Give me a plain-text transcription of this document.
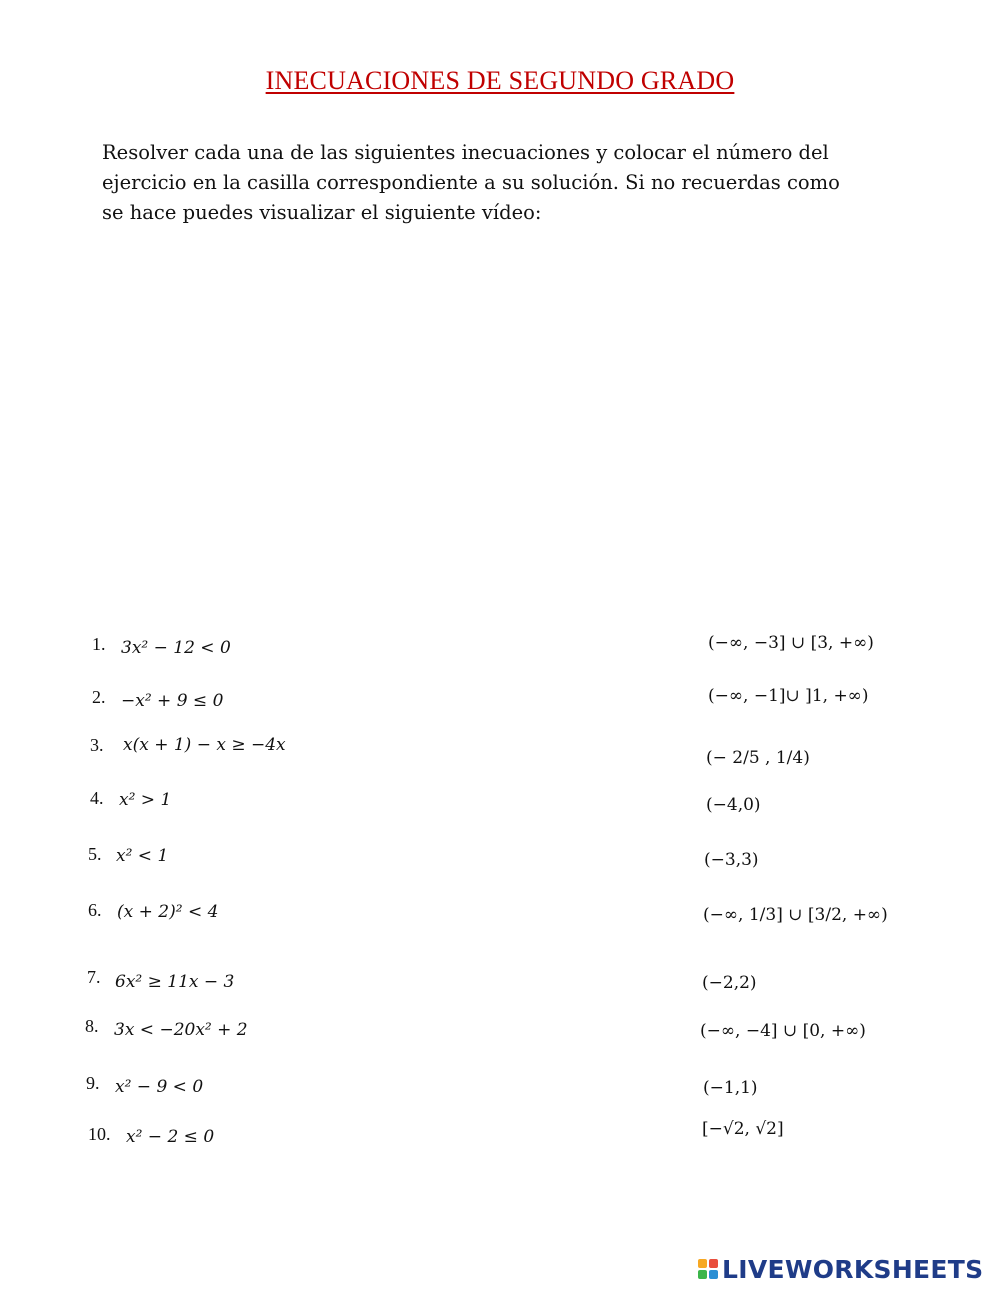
INECUACIONES DE SEGUNDO GRADO
Resolver cada una de las siguientes inecuaciones y colocar el número del
ejercicio en la casilla correspondiente a su solución. Si no recuerdas como
se hace puedes visualizar el siguiente vídeo:
1. 3x² − 12 < 0
2. −x² + 9 ≤ 0
3. x(x + 1) − x ≥ −4x
4. x² > 1
5. x² < 1
6. (x + 2)² < 4
7. 6x² ≥ 11x − 3
8. 3x < −20x² + 2
9. x² − 9 < 0
10. x² − 2 ≤ 0
(−∞, −3] ∪ [3, +∞)
(−∞, −1]∪ ]1, +∞)
(− 2/5 , 1/4)
(−4,0)
(−3,3)
(−∞, 1/3] ∪ [3/2, +∞)
(−2,2)
(−∞, −4] ∪ [0, +∞)
(−1,1)
[−√2, √2]
LIVEWORKSHEETS
